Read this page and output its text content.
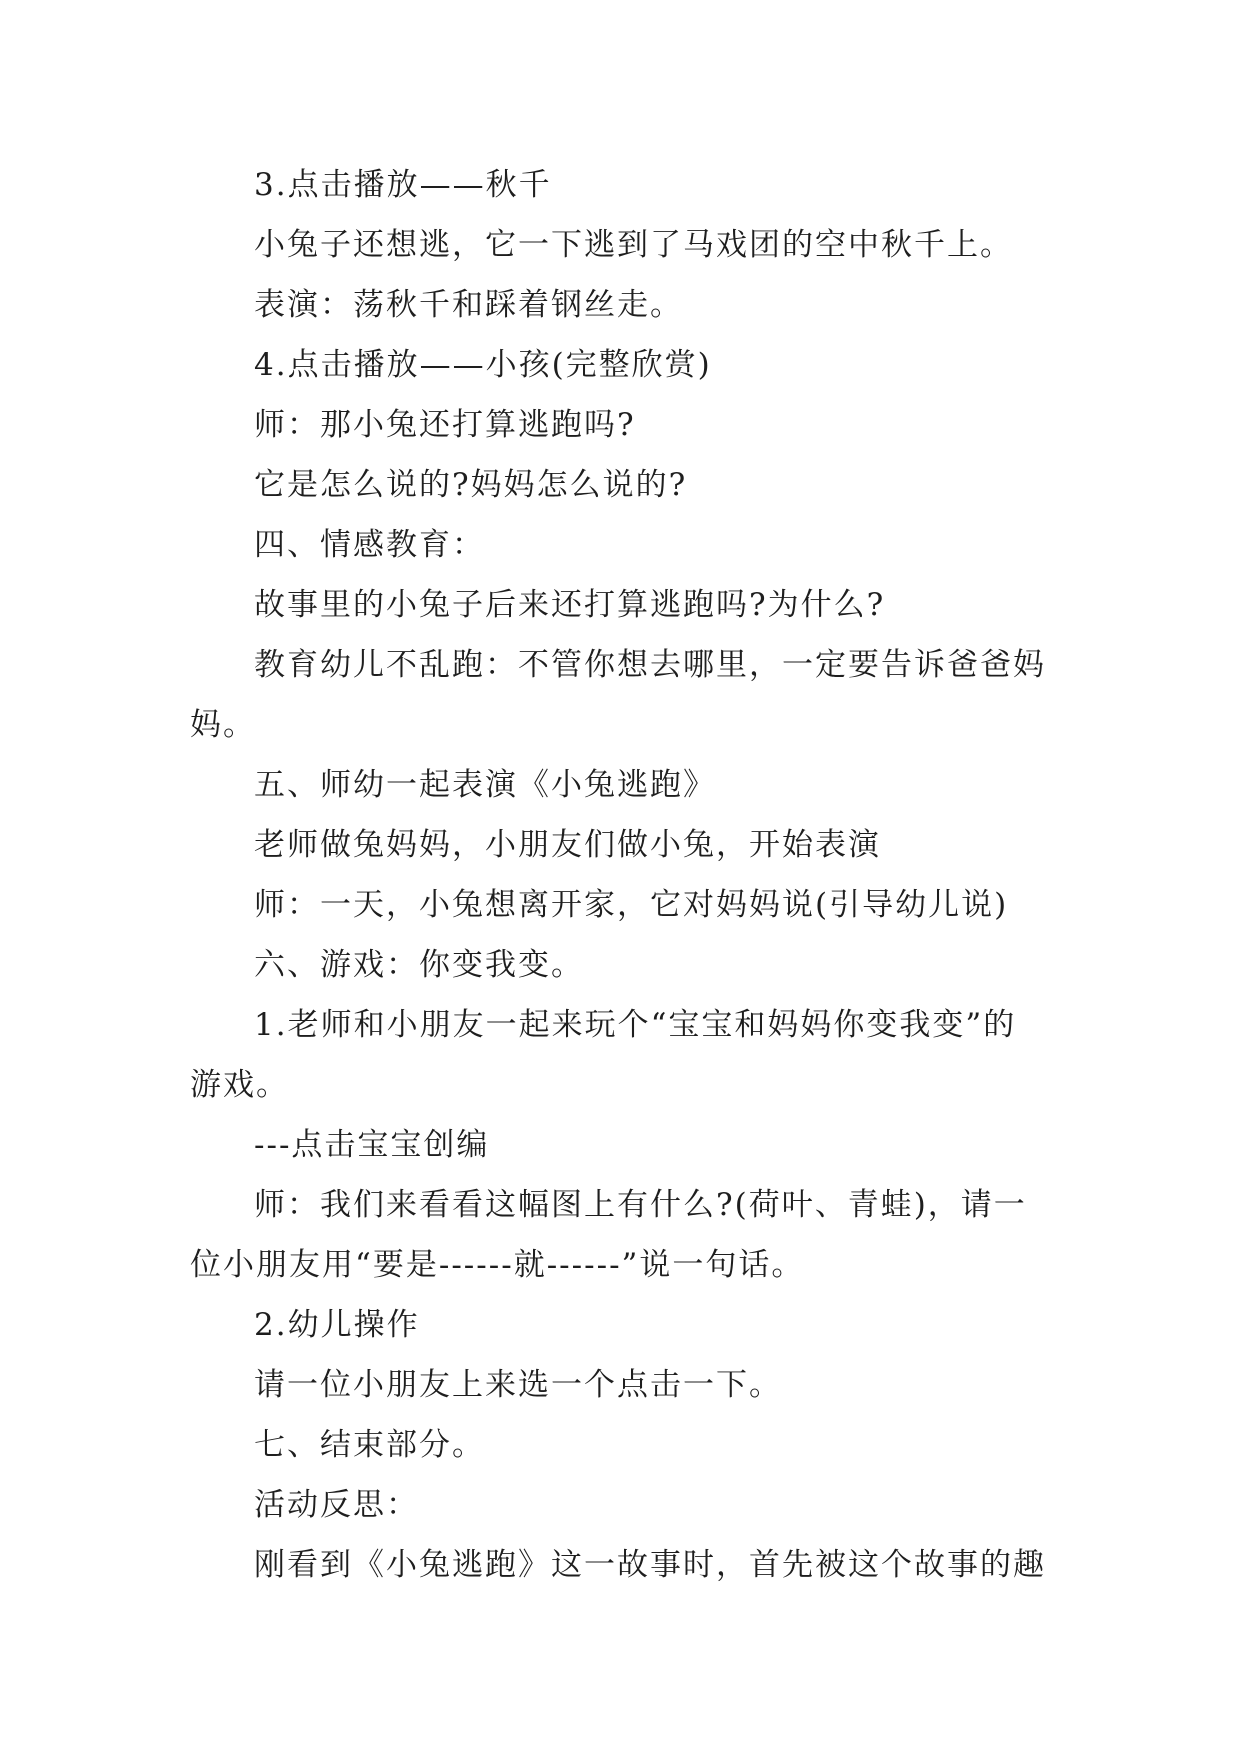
3.点击播放——秋千
小兔子还想逃，它一下逃到了马戏团的空中秋千上。
表演：荡秋千和踩着钢丝走。
4.点击播放——小孩(完整欣赏)
师：那小兔还打算逃跑吗?
它是怎么说的?妈妈怎么说的?
四、情感教育：
故事里的小兔子后来还打算逃跑吗?为什么?
教育幼儿不乱跑：不管你想去哪里，一定要告诉爸爸妈
妈。
五、师幼一起表演《小兔逃跑》
老师做兔妈妈，小朋友们做小兔，开始表演
师：一天，小兔想离开家，它对妈妈说(引导幼儿说)
六、游戏：你变我变。
1.老师和小朋友一起来玩个“宝宝和妈妈你变我变”的
游戏。
---点击宝宝创编
师：我们来看看这幅图上有什么?(荷叶、青蛙)，请一
位小朋友用“要是------就------”说一句话。
2.幼儿操作
请一位小朋友上来选一个点击一下。
七、结束部分。
活动反思：
刚看到《小兔逃跑》这一故事时，首先被这个故事的趣
